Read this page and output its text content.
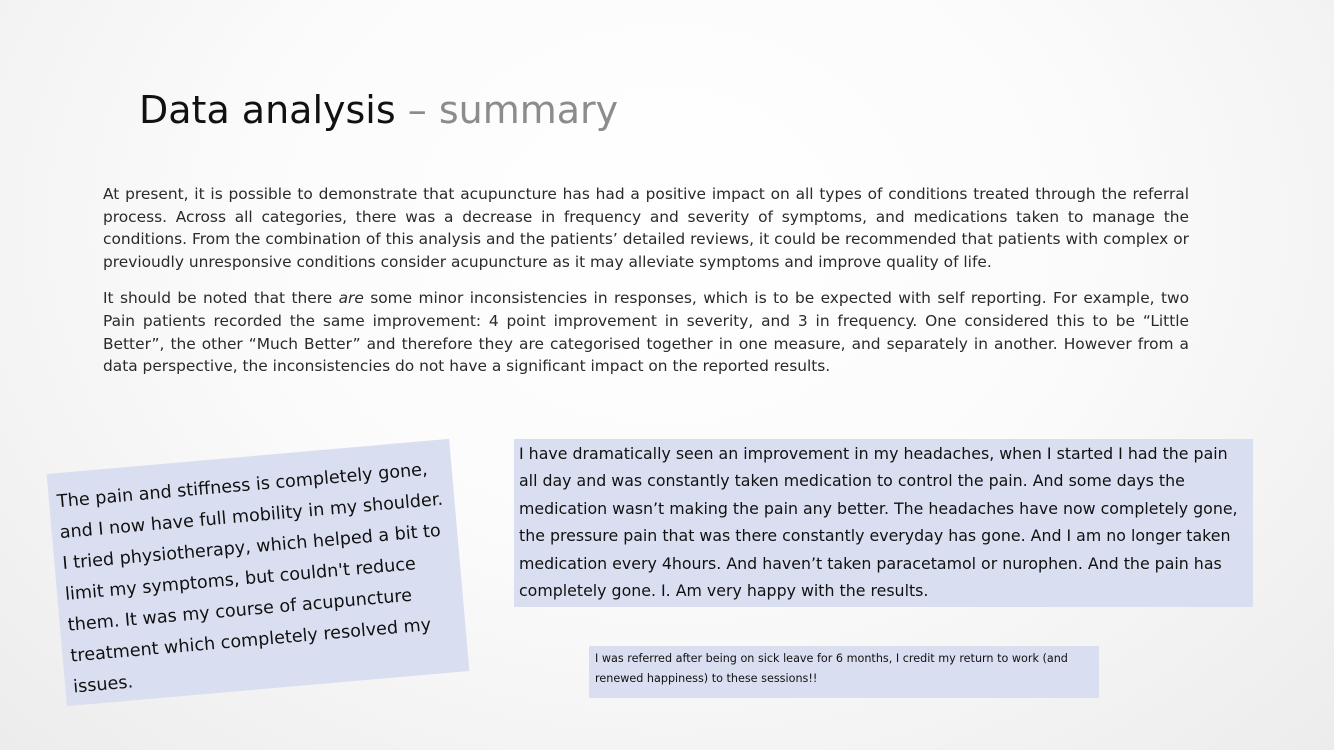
Data analysis – summary

At present, it is possible to demonstrate that acupuncture has had a positive impact on all types of conditions treated through the referral process. Across all categories, there was a decrease in frequency and severity of symptoms, and medications taken to manage the conditions. From the combination of this analysis and the patients’ detailed reviews, it could be recommended that patients with complex or previoudly unresponsive conditions consider acupuncture as it may alleviate symptoms and improve quality of life.

It should be noted that there are some minor inconsistencies in responses, which is to be expected with self reporting. For example, two Pain patients recorded the same improvement: 4 point improvement in severity, and 3 in frequency. One considered this to be “Little Better”, the other “Much Better” and therefore they are categorised together in one measure, and separately in another. However from a data perspective, the inconsistencies do not have a significant impact on the reported results.

The pain and stiffness is completely gone, and I now have full mobility in my shoulder. I tried physiotherapy, which helped a bit to limit my symptoms, but couldn't reduce them. It was my course of acupuncture treatment which completely resolved my issues.
I have dramatically seen an improvement in my headaches, when I started I had the pain all day and was constantly taken medication to control the pain. And some days the medication wasn’t making the pain any better. The headaches have now completely gone, the pressure pain that was there constantly everyday has gone. And I am no longer taken medication every 4hours. And haven’t taken paracetamol or nurophen. And the pain has completely gone. I. Am very happy with the results.
I was referred after being on sick leave for 6 months, I credit my return to work (and renewed happiness) to these sessions!!
